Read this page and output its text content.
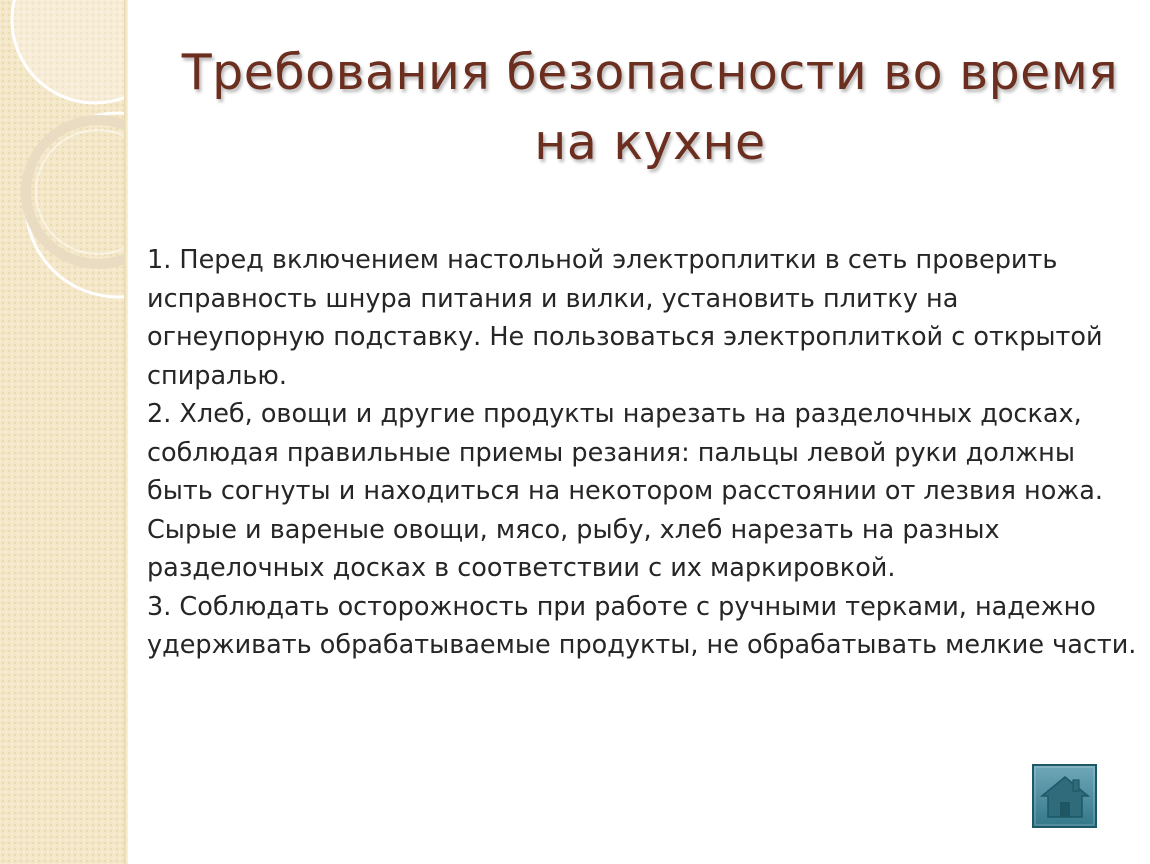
Требования безопасности во время на кухне

1. Перед включением настольной электроплитки в сеть проверить исправность шнура питания и вилки, установить плитку на огнеупорную подставку. Не пользоваться электроплиткой с открытой спиралью.

2. Хлеб, овощи и другие продукты нарезать на разделочных досках, соблюдая правильные приемы резания: пальцы левой руки должны быть согнуты и находиться на некотором расстоянии от лезвия ножа. Сырые и вареные овощи, мясо, рыбу, хлеб нарезать на разных разделочных досках в соответствии с их маркировкой.

3. Соблюдать осторожность при работе с ручными терками, надежно удерживать обрабатываемые продукты, не обрабатывать мелкие части.
